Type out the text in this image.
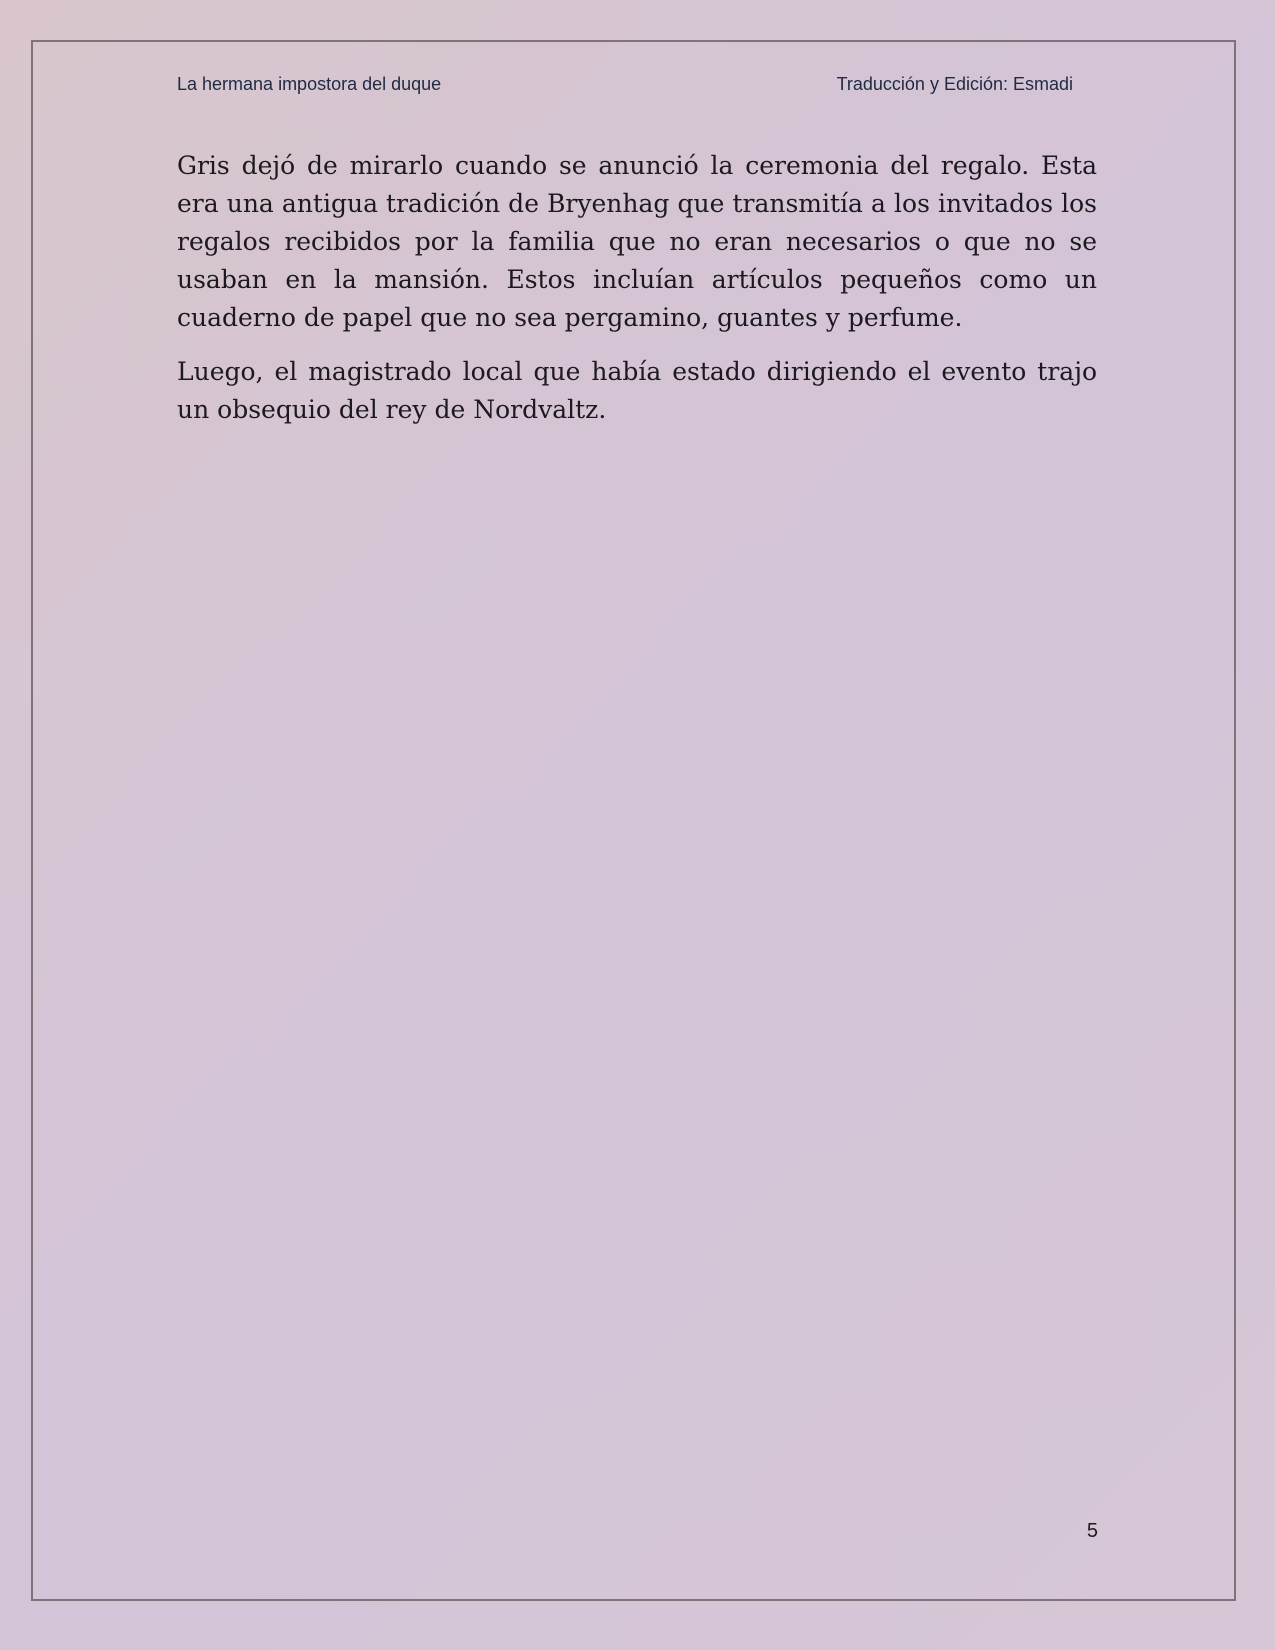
La hermana impostora del duque	Traducción y Edición: Esmadi

Gris dejó de mirarlo cuando se anunció la ceremonia del regalo. Esta era una antigua tradición de Bryenhag que transmitía a los invitados los regalos recibidos por la familia que no eran necesarios o que no se usaban en la mansión. Estos incluían artículos pequeños como un cuaderno de papel que no sea pergamino, guantes y perfume.

Luego, el magistrado local que había estado dirigiendo el evento trajo un obsequio del rey de Nordvaltz.

5
